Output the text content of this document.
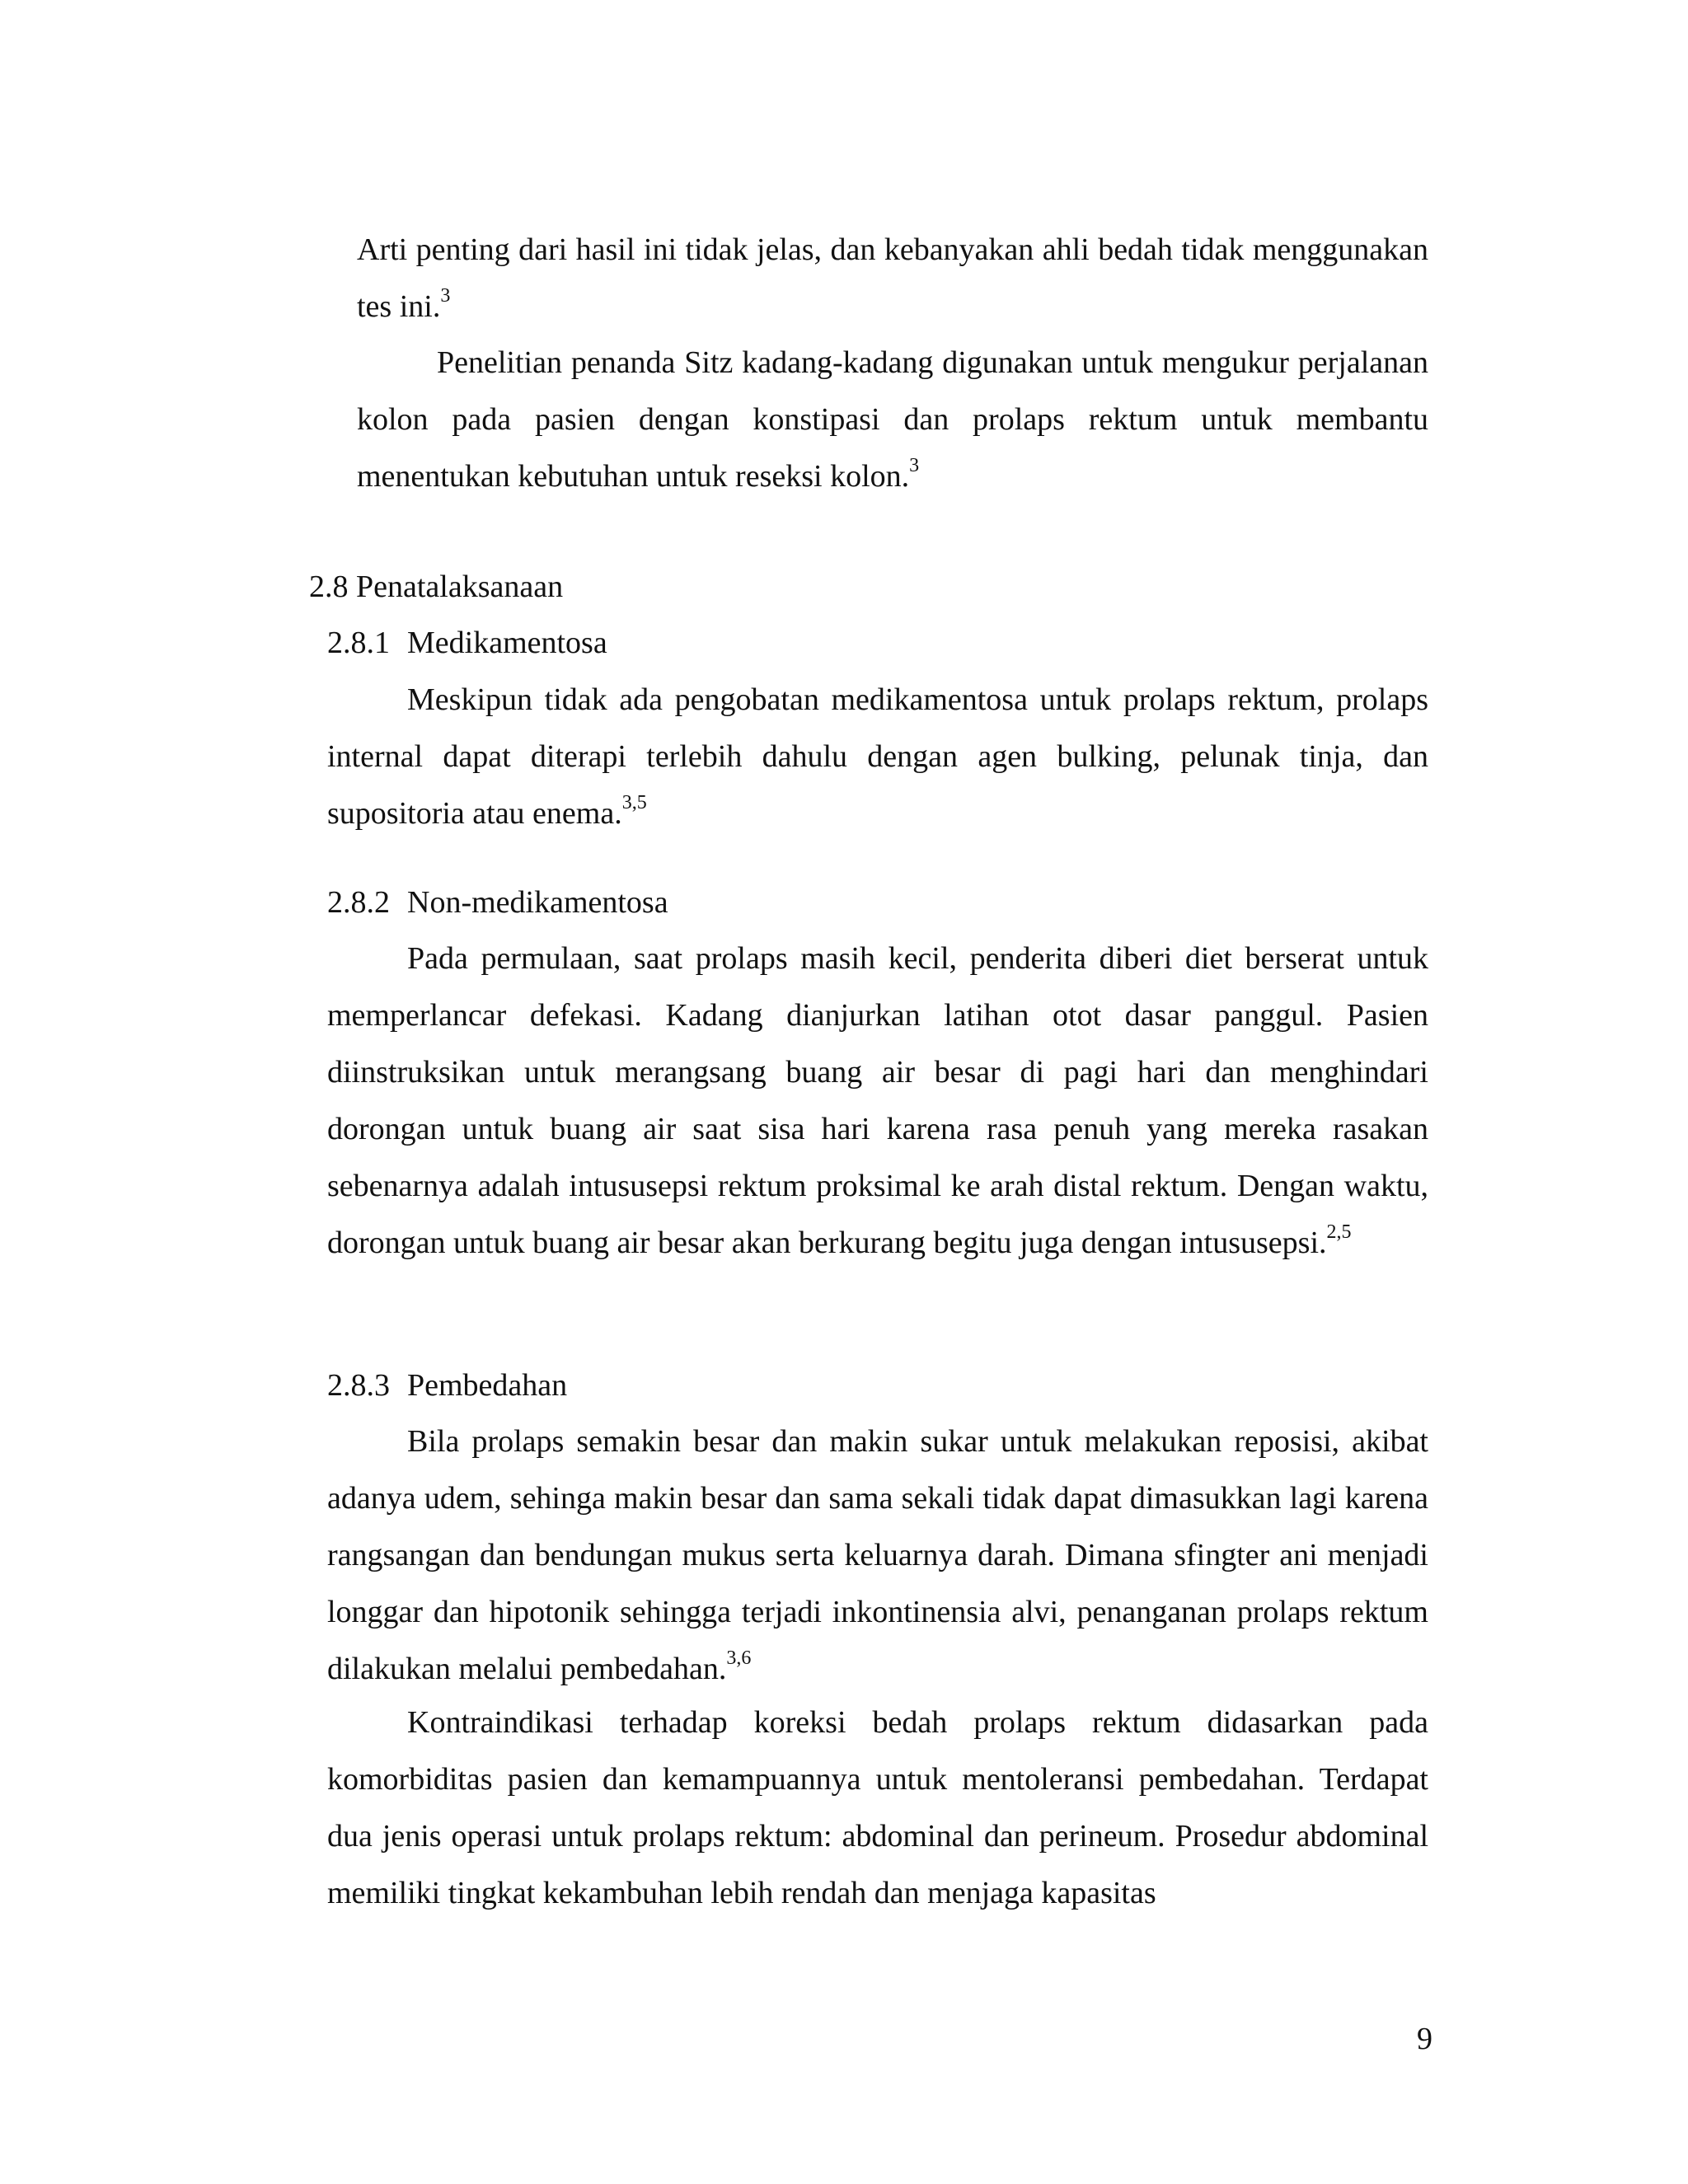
Arti penting dari hasil ini tidak jelas, dan kebanyakan ahli bedah tidak menggunakan tes ini.$^3$

Penelitian penanda Sitz kadang-kadang digunakan untuk mengukur perjalanan kolon pada pasien dengan konstipasi dan prolaps rektum untuk membantu menentukan kebutuhan untuk reseksi kolon.$^3$

2.8 Penatalaksanaan
2.8.1 Medikamentosa

Meskipun tidak ada pengobatan medikamentosa untuk prolaps rektum, prolaps internal dapat diterapi terlebih dahulu dengan agen bulking, pelunak tinja, dan supositoria atau enema.$^{3,5}$

2.8.2 Non-medikamentosa

Pada permulaan, saat prolaps masih kecil, penderita diberi diet berserat untuk memperlancar defekasi. Kadang dianjurkan latihan otot dasar panggul. Pasien diinstruksikan untuk merangsang buang air besar di pagi hari dan menghindari dorongan untuk buang air saat sisa hari karena rasa penuh yang mereka rasakan sebenarnya adalah intususepsi rektum proksimal ke arah distal rektum. Dengan waktu, dorongan untuk buang air besar akan berkurang begitu juga dengan intususepsi.$^{2,5}$

2.8.3 Pembedahan

Bila prolaps semakin besar dan makin sukar untuk melakukan reposisi, akibat adanya udem, sehinga makin besar dan sama sekali tidak dapat dimasukkan lagi karena rangsangan dan bendungan mukus serta keluarnya darah. Dimana sfingter ani menjadi longgar dan hipotonik sehingga terjadi inkontinensia alvi, penanganan prolaps rektum dilakukan melalui pembedahan.$^{3,6}$

Kontraindikasi terhadap koreksi bedah prolaps rektum didasarkan pada komorbiditas pasien dan kemampuannya untuk mentoleransi pembedahan. Terdapat dua jenis operasi untuk prolaps rektum: abdominal dan perineum. Prosedur abdominal memiliki tingkat kekambuhan lebih rendah dan menjaga kapasitas

9
